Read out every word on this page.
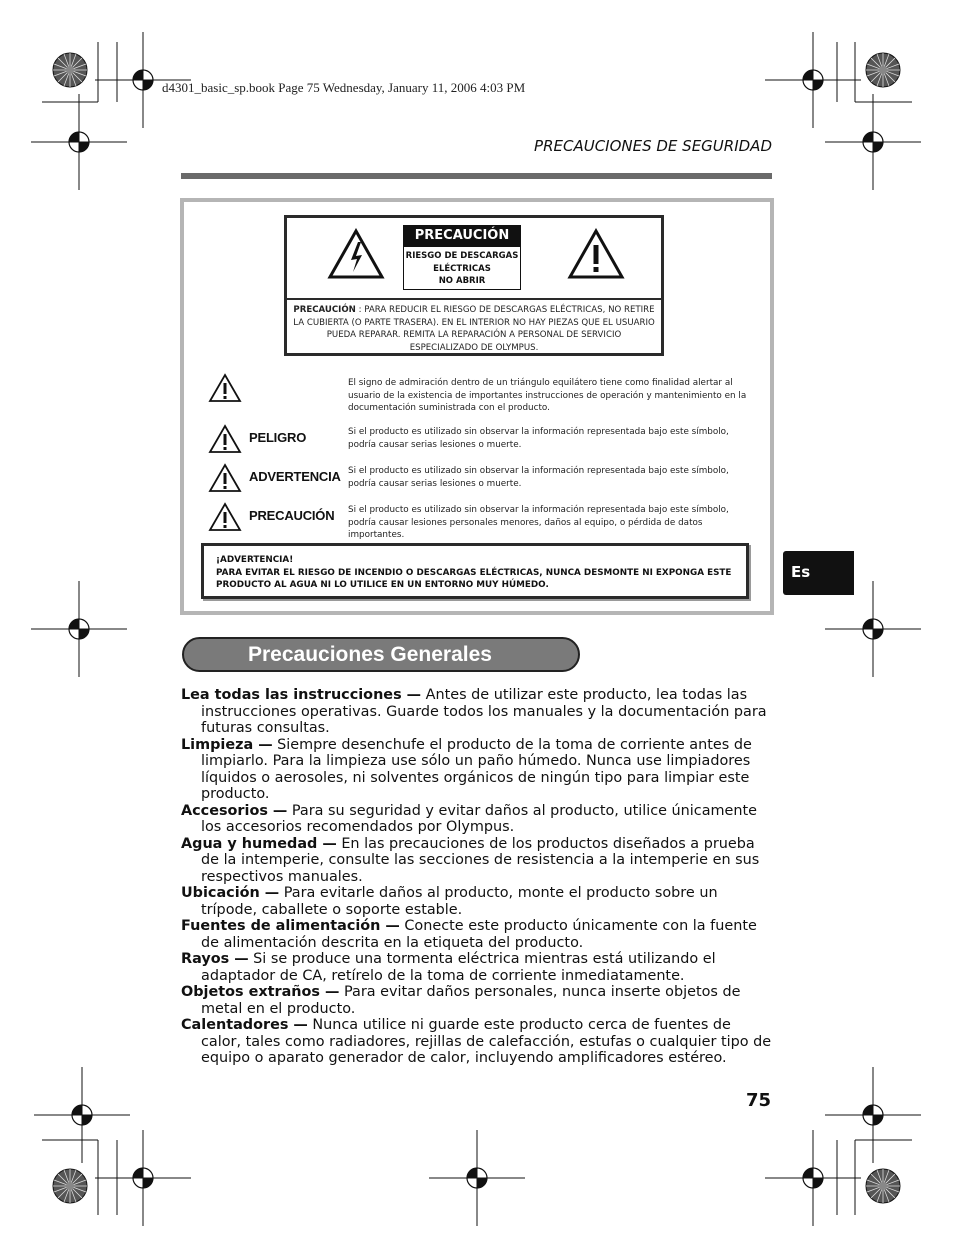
d4301_basic_sp.book Page 75 Wednesday, January 11, 2006 4:03 PM
PRECAUCIONES DE SEGURIDAD
PRECAUCIÓN
RIESGO DE DESCARGAS
ELÉCTRICAS
NO ABRIR
PRECAUCIÓN : PARA REDUCIR EL RIESGO DE DESCARGAS ELÉCTRICAS, NO RETIRE LA CUBIERTA (O PARTE TRASERA). EN EL INTERIOR NO HAY PIEZAS QUE EL USUARIO PUEDA REPARAR. REMITA LA REPARACIÓN A PERSONAL DE SERVICIO ESPECIALIZADO DE OLYMPUS.
El signo de admiración dentro de un triángulo equilátero tiene como finalidad alertar al usuario de la existencia de importantes instrucciones de operación y mantenimiento en la documentación suministrada con el producto.
PELIGRO	Si el producto es utilizado sin observar la información representada bajo este símbolo, podría causar serias lesiones o muerte.
ADVERTENCIA Si el producto es utilizado sin observar la información representada bajo este símbolo, podría causar serias lesiones o muerte.
PRECAUCIÓN Si el producto es utilizado sin observar la información representada bajo este símbolo, podría causar lesiones personales menores, daños al equipo, o pérdida de datos importantes.
¡ADVERTENCIA!
PARA EVITAR EL RIESGO DE INCENDIO O DESCARGAS ELÉCTRICAS, NUNCA DESMONTE NI EXPONGA ESTE PRODUCTO AL AGUA NI LO UTILICE EN UN ENTORNO MUY HÚMEDO.
Es
Precauciones Generales

Lea todas las instrucciones — Antes de utilizar este producto, lea todas las instrucciones operativas. Guarde todos los manuales y la documentación para futuras consultas.

Limpieza — Siempre desenchufe el producto de la toma de corriente antes de limpiarlo. Para la limpieza use sólo un paño húmedo. Nunca use limpiadores líquidos o aerosoles, ni solventes orgánicos de ningún tipo para limpiar este producto.

Accesorios — Para su seguridad y evitar daños al producto, utilice únicamente los accesorios recomendados por Olympus.

Agua y humedad — En las precauciones de los productos diseñados a prueba de la intemperie, consulte las secciones de resistencia a la intemperie en sus respectivos manuales.

Ubicación — Para evitarle daños al producto, monte el producto sobre un trípode, caballete o soporte estable.

Fuentes de alimentación — Conecte este producto únicamente con la fuente de alimentación descrita en la etiqueta del producto.

Rayos — Si se produce una tormenta eléctrica mientras está utilizando el adaptador de CA, retírelo de la toma de corriente inmediatamente.

Objetos extraños — Para evitar daños personales, nunca inserte objetos de metal en el producto.

Calentadores — Nunca utilice ni guarde este producto cerca de fuentes de calor, tales como radiadores, rejillas de calefacción, estufas o cualquier tipo de equipo o aparato generador de calor, incluyendo amplificadores estéreo.

75
